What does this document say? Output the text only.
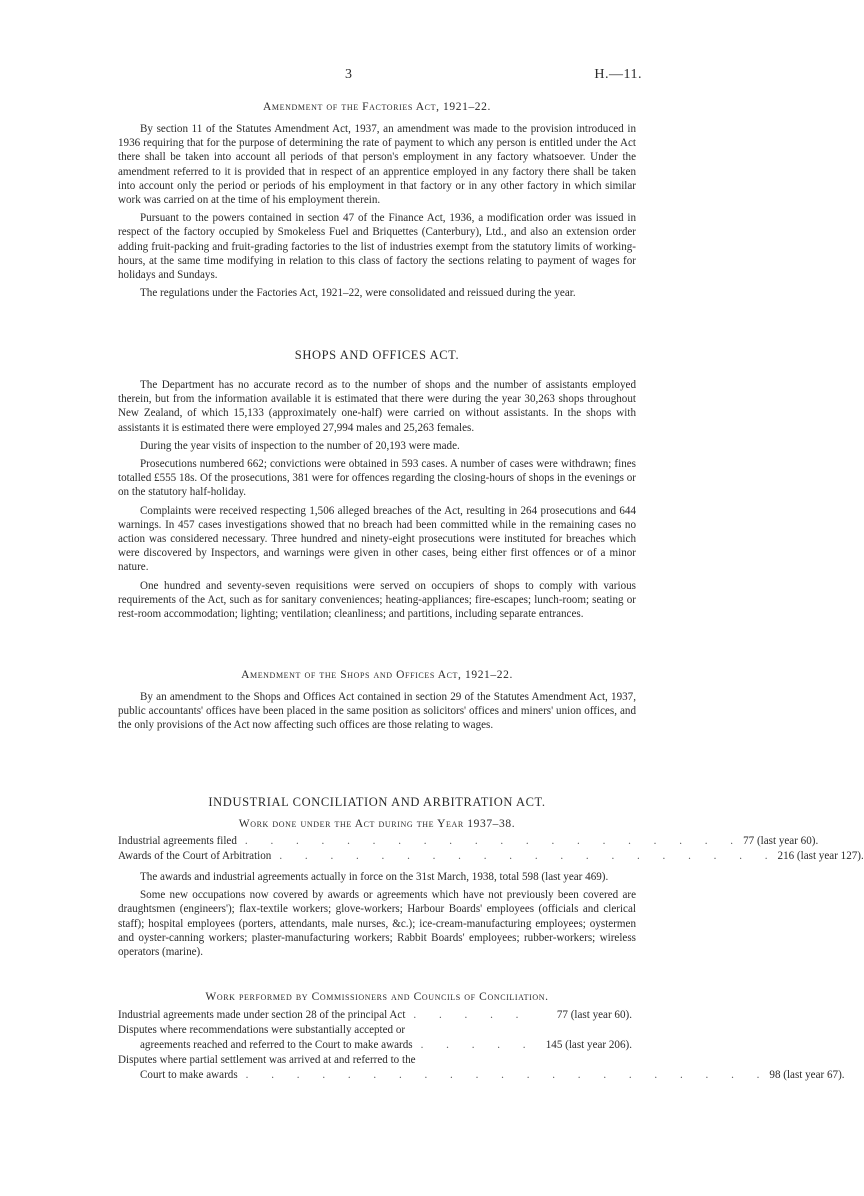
3	H.—11.
Amendment of the Factories Act, 1921–22.

By section 11 of the Statutes Amendment Act, 1937, an amendment was made to the provision introduced in 1936 requiring that for the purpose of determining the rate of payment to which any person is entitled under the Act there shall be taken into account all periods of that person's employment in any factory whatsoever. Under the amendment referred to it is provided that in respect of an apprentice employed in any factory there shall be taken into account only the period or periods of his employment in that factory or in any other factory in which similar work was carried on at the time of his employment therein.

Pursuant to the powers contained in section 47 of the Finance Act, 1936, a modification order was issued in respect of the factory occupied by Smokeless Fuel and Briquettes (Canterbury), Ltd., and also an extension order adding fruit-packing and fruit-grading factories to the list of industries exempt from the statutory limits of working-hours, at the same time modifying in relation to this class of factory the sections relating to payment of wages for holidays and Sundays.

The regulations under the Factories Act, 1921–22, were consolidated and reissued during the year.

SHOPS AND OFFICES ACT.

The Department has no accurate record as to the number of shops and the number of assistants employed therein, but from the information available it is estimated that there were during the year 30,263 shops throughout New Zealand, of which 15,133 (approximately one-half) were carried on without assistants. In the shops with assistants it is estimated there were employed 27,994 males and 25,263 females.

During the year visits of inspection to the number of 20,193 were made.

Prosecutions numbered 662; convictions were obtained in 593 cases. A number of cases were withdrawn; fines totalled £555 18s. Of the prosecutions, 381 were for offences regarding the closing-hours of shops in the evenings or on the statutory half-holiday.

Complaints were received respecting 1,506 alleged breaches of the Act, resulting in 264 prosecutions and 644 warnings. In 457 cases investigations showed that no breach had been committed while in the remaining cases no action was considered necessary. Three hundred and ninety-eight prosecutions were instituted for breaches which were discovered by Inspectors, and warnings were given in other cases, being either first offences or of a minor nature.

One hundred and seventy-seven requisitions were served on occupiers of shops to comply with various requirements of the Act, such as for sanitary conveniences; heating-appliances; fire-escapes; lunch-room; seating or rest-room accommodation; lighting; ventilation; cleanliness; and partitions, including separate entrances.

Amendment of the Shops and Offices Act, 1921–22.

By an amendment to the Shops and Offices Act contained in section 29 of the Statutes Amendment Act, 1937, public accountants' offices have been placed in the same position as solicitors' offices and miners' union offices, and the only provisions of the Act now affecting such offices are those relating to wages.

INDUSTRIAL CONCILIATION AND ARBITRATION ACT.
Work done under the Act during the Year 1937–38.
Industrial agreements filed . . . . . . . . . . . . . . . . . . . . 77 (last year 60).
Awards of the Court of Arbitration . . . . . . . . . . . . . . . . . . . . 216 (last year 127).

The awards and industrial agreements actually in force on the 31st March, 1938, total 598 (last year 469).

Some new occupations now covered by awards or agreements which have not previously been covered are draughtsmen (engineers'); flax-textile workers; glove-workers; Harbour Boards' employees (officials and clerical staff); hospital employees (porters, attendants, male nurses, &c.); ice-cream-manufacturing employees; oystermen and oyster-canning workers; plaster-manufacturing workers; Rabbit Boards' employees; rubber-workers; wireless operators (marine).

Work performed by Commissioners and Councils of Conciliation.
Industrial agreements made under section 28 of the principal Act . . . . .	77 (last year 60).
Disputes where recommendations were substantially accepted or
agreements reached and referred to the Court to make awards . . . . . 145 (last year 206).
Disputes where partial settlement was arrived at and referred to the
Court to make awards . . . . . . . . . . . . . . . . . . . . . 98 (last year 67).
